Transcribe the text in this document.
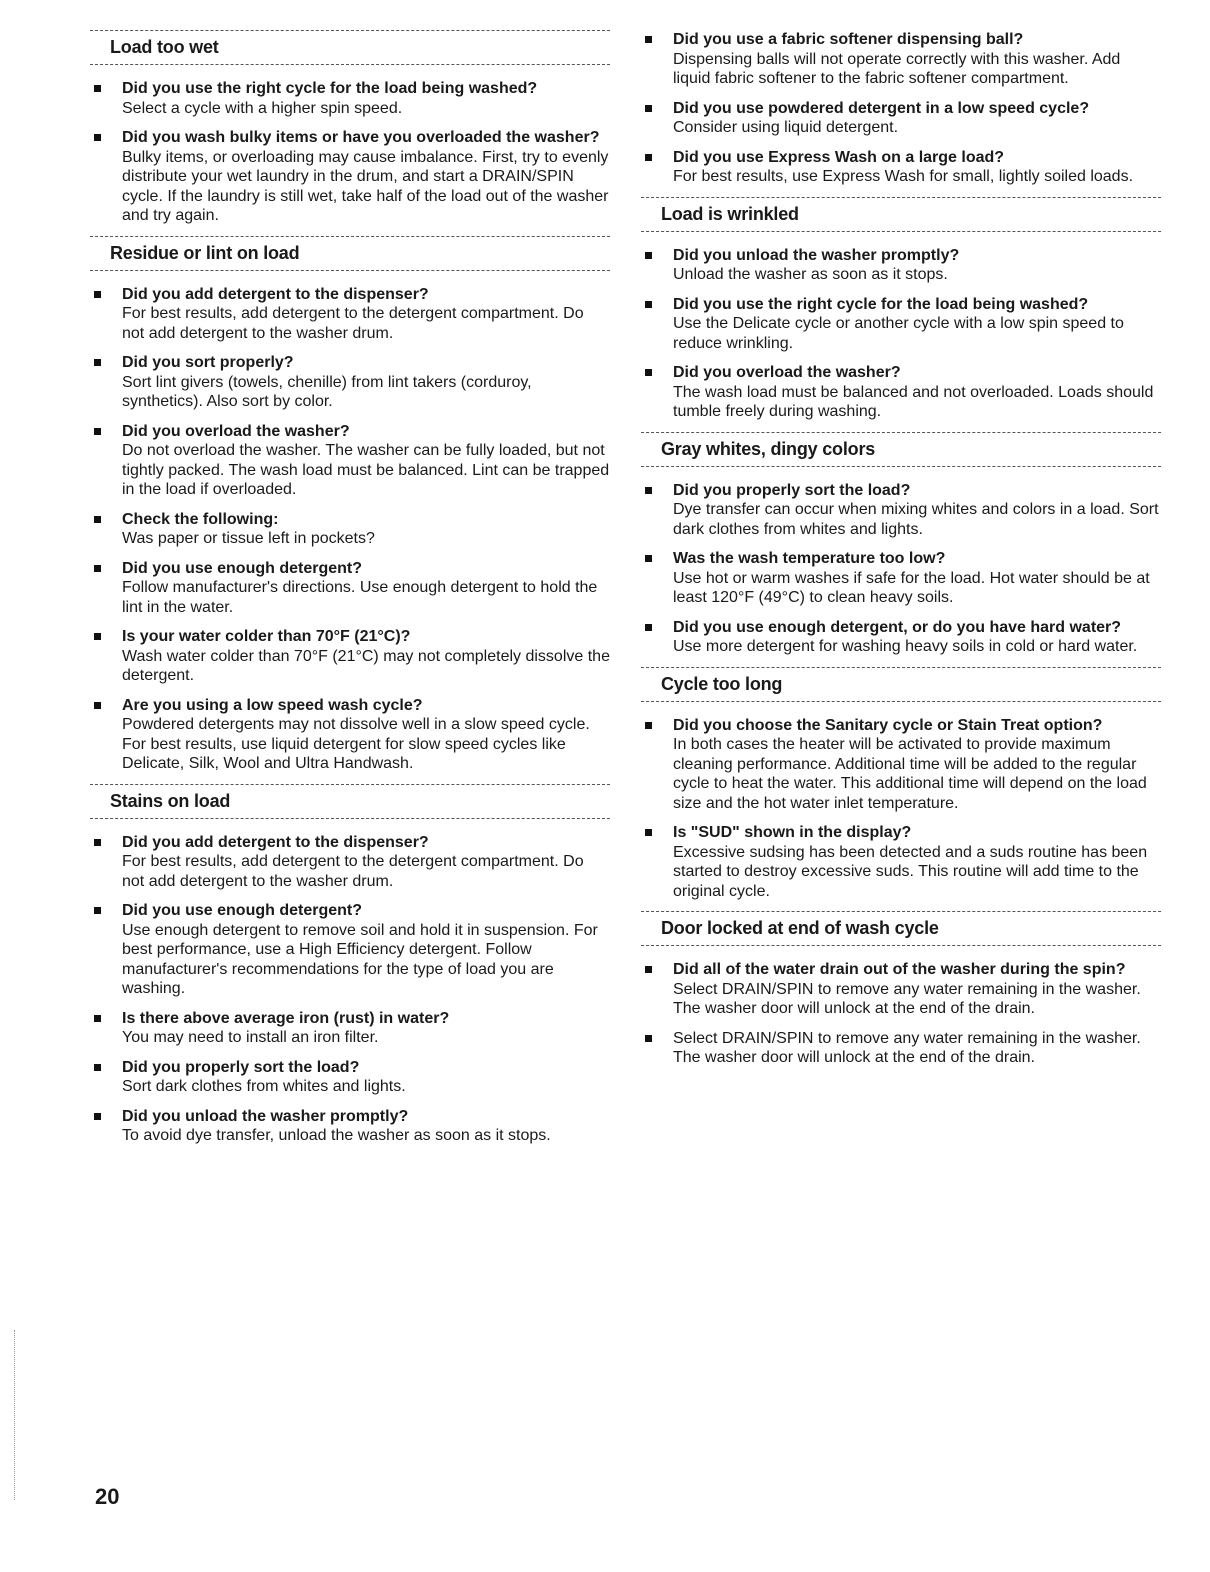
Load too wet
Did you use the right cycle for the load being washed?
Select a cycle with a higher spin speed.
Did you wash bulky items or have you overloaded the washer?
Bulky items, or overloading may cause imbalance. First, try to evenly distribute your wet laundry in the drum, and start a DRAIN/SPIN cycle. If the laundry is still wet, take half of the load out of the washer and try again.
Residue or lint on load
Did you add detergent to the dispenser?
For best results, add detergent to the detergent compartment. Do not add detergent to the washer drum.
Did you sort properly?
Sort lint givers (towels, chenille) from lint takers (corduroy, synthetics). Also sort by color.
Did you overload the washer?
Do not overload the washer. The washer can be fully loaded, but not tightly packed. The wash load must be balanced. Lint can be trapped in the load if overloaded.
Check the following:
Was paper or tissue left in pockets?
Did you use enough detergent?
Follow manufacturer's directions. Use enough detergent to hold the lint in the water.
Is your water colder than 70°F (21°C)?
Wash water colder than 70°F (21°C) may not completely dissolve the detergent.
Are you using a low speed wash cycle?
Powdered detergents may not dissolve well in a slow speed cycle. For best results, use liquid detergent for slow speed cycles like Delicate, Silk, Wool and Ultra Handwash.
Stains on load
Did you add detergent to the dispenser?
For best results, add detergent to the detergent compartment. Do not add detergent to the washer drum.
Did you use enough detergent?
Use enough detergent to remove soil and hold it in suspension. For best performance, use a High Efficiency detergent. Follow manufacturer's recommendations for the type of load you are washing.
Is there above average iron (rust) in water?
You may need to install an iron filter.
Did you properly sort the load?
Sort dark clothes from whites and lights.
Did you unload the washer promptly?
To avoid dye transfer, unload the washer as soon as it stops.
Did you use a fabric softener dispensing ball?
Dispensing balls will not operate correctly with this washer. Add liquid fabric softener to the fabric softener compartment.
Did you use powdered detergent in a low speed cycle?
Consider using liquid detergent.
Did you use Express Wash on a large load?
For best results, use Express Wash for small, lightly soiled loads.
Load is wrinkled
Did you unload the washer promptly?
Unload the washer as soon as it stops.
Did you use the right cycle for the load being washed?
Use the Delicate cycle or another cycle with a low spin speed to reduce wrinkling.
Did you overload the washer?
The wash load must be balanced and not overloaded. Loads should tumble freely during washing.
Gray whites, dingy colors
Did you properly sort the load?
Dye transfer can occur when mixing whites and colors in a load. Sort dark clothes from whites and lights.
Was the wash temperature too low?
Use hot or warm washes if safe for the load. Hot water should be at least 120°F (49°C) to clean heavy soils.
Did you use enough detergent, or do you have hard water?
Use more detergent for washing heavy soils in cold or hard water.
Cycle too long
Did you choose the Sanitary cycle or Stain Treat option?
In both cases the heater will be activated to provide maximum cleaning performance. Additional time will be added to the regular cycle to heat the water. This additional time will depend on the load size and the hot water inlet temperature.
Is "SUD" shown in the display?
Excessive sudsing has been detected and a suds routine has been started to destroy excessive suds. This routine will add time to the original cycle.
Door locked at end of wash cycle
Did all of the water drain out of the washer during the spin?
Select DRAIN/SPIN to remove any water remaining in the washer. The washer door will unlock at the end of the drain.
Select DRAIN/SPIN to remove any water remaining in the washer. The washer door will unlock at the end of the drain.
20
